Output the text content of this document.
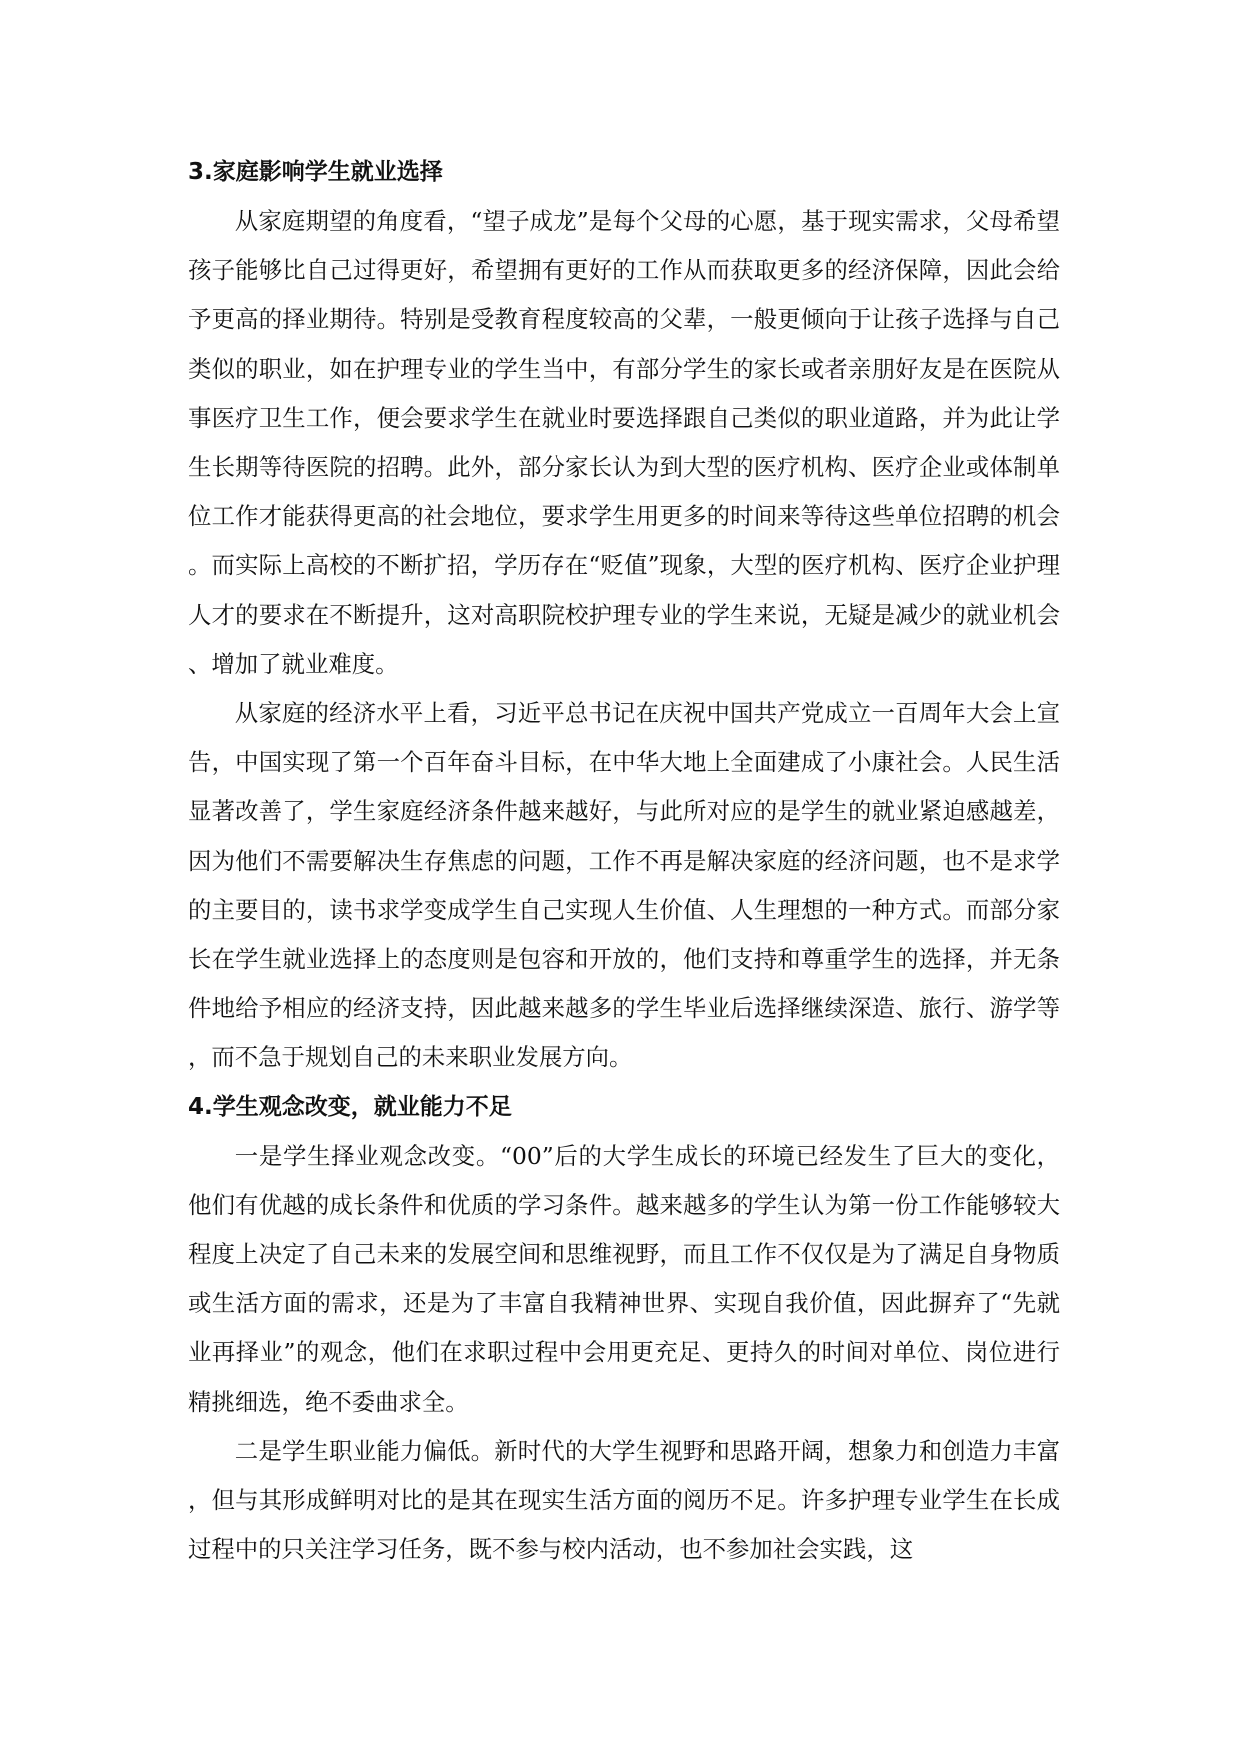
3.家庭影响学生就业选择

从家庭期望的角度看，“望子成龙”是每个父母的心愿，基于现实需求，父母希望孩子能够比自己过得更好，希望拥有更好的工作从而获取更多的经济保障，因此会给予更高的择业期待。特别是受教育程度较高的父辈，一般更倾向于让孩子选择与自己类似的职业，如在护理专业的学生当中，有部分学生的家长或者亲朋好友是在医院从事医疗卫生工作，便会要求学生在就业时要选择跟自己类似的职业道路，并为此让学生长期等待医院的招聘。此外，部分家长认为到大型的医疗机构、医疗企业或体制单位工作才能获得更高的社会地位，要求学生用更多的时间来等待这些单位招聘的机会。而实际上高校的不断扩招，学历存在“贬值”现象，大型的医疗机构、医疗企业护理人才的要求在不断提升，这对高职院校护理专业的学生来说，无疑是减少的就业机会、增加了就业难度。

从家庭的经济水平上看，习近平总书记在庆祝中国共产党成立一百周年大会上宣告，中国实现了第一个百年奋斗目标，在中华大地上全面建成了小康社会。人民生活显著改善了，学生家庭经济条件越来越好，与此所对应的是学生的就业紧迫感越差，因为他们不需要解决生存焦虑的问题，工作不再是解决家庭的经济问题，也不是求学的主要目的，读书求学变成学生自己实现人生价值、人生理想的一种方式。而部分家长在学生就业选择上的态度则是包容和开放的，他们支持和尊重学生的选择，并无条件地给予相应的经济支持，因此越来越多的学生毕业后选择继续深造、旅行、游学等，而不急于规划自己的未来职业发展方向。

4.学生观念改变，就业能力不足

一是学生择业观念改变。“00”后的大学生成长的环境已经发生了巨大的变化，他们有优越的成长条件和优质的学习条件。越来越多的学生认为第一份工作能够较大程度上决定了自己未来的发展空间和思维视野，而且工作不仅仅是为了满足自身物质或生活方面的需求，还是为了丰富自我精神世界、实现自我价值，因此摒弃了“先就业再择业”的观念，他们在求职过程中会用更充足、更持久的时间对单位、岗位进行精挑细选，绝不委曲求全。

二是学生职业能力偏低。新时代的大学生视野和思路开阔，想象力和创造力丰富，但与其形成鲜明对比的是其在现实生活方面的阅历不足。许多护理专业学生在长成过程中的只关注学习任务，既不参与校内活动，也不参加社会实践，这
